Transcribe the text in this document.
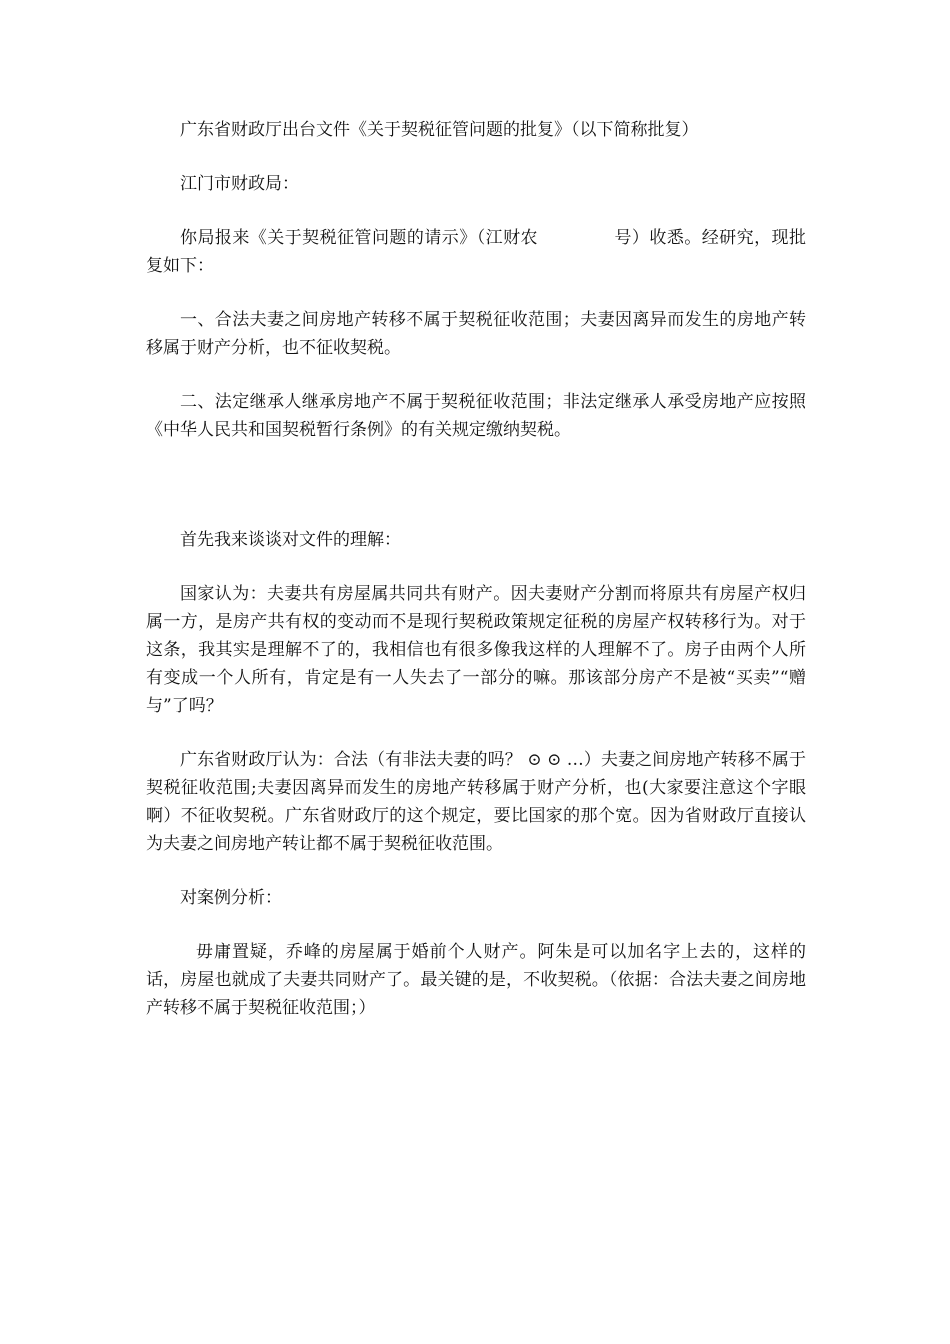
广东省财政厅出台文件《关于契税征管问题的批复》（以下简称批复）

江门市财政局：

你局报来《关于契税征管问题的请示》（江财农	号）收悉。经研究，现批复如下：

一、合法夫妻之间房地产转移不属于契税征收范围；夫妻因离异而发生的房地产转移属于财产分析，也不征收契税。

二、法定继承人继承房地产不属于契税征收范围；非法定继承人承受房地产应按照《中华人民共和国契税暂行条例》的有关规定缴纳契税。

首先我来谈谈对文件的理解：

国家认为：夫妻共有房屋属共同共有财产。因夫妻财产分割而将原共有房屋产权归属一方，是房产共有权的变动而不是现行契税政策规定征税的房屋产权转移行为。对于这条，我其实是理解不了的，我相信也有很多像我这样的人理解不了。房子由两个人所有变成一个人所有，肯定是有一人失去了一部分的嘛。那该部分房产不是被“买卖”“赠与”了吗？

广东省财政厅认为：合法（有非法夫妻的吗？ ⊙ ⊙ …）夫妻之间房地产转移不属于契税征收范围;夫妻因离异而发生的房地产转移属于财产分析，也(大家要注意这个字眼啊）不征收契税。广东省财政厅的这个规定，要比国家的那个宽。因为省财政厅直接认为夫妻之间房地产转让都不属于契税征收范围。

对案例分析：

毋庸置疑，乔峰的房屋属于婚前个人财产。阿朱是可以加名字上去的，这样的话，房屋也就成了夫妻共同财产了。最关键的是，不收契税。（依据：合法夫妻之间房地产转移不属于契税征收范围；）
